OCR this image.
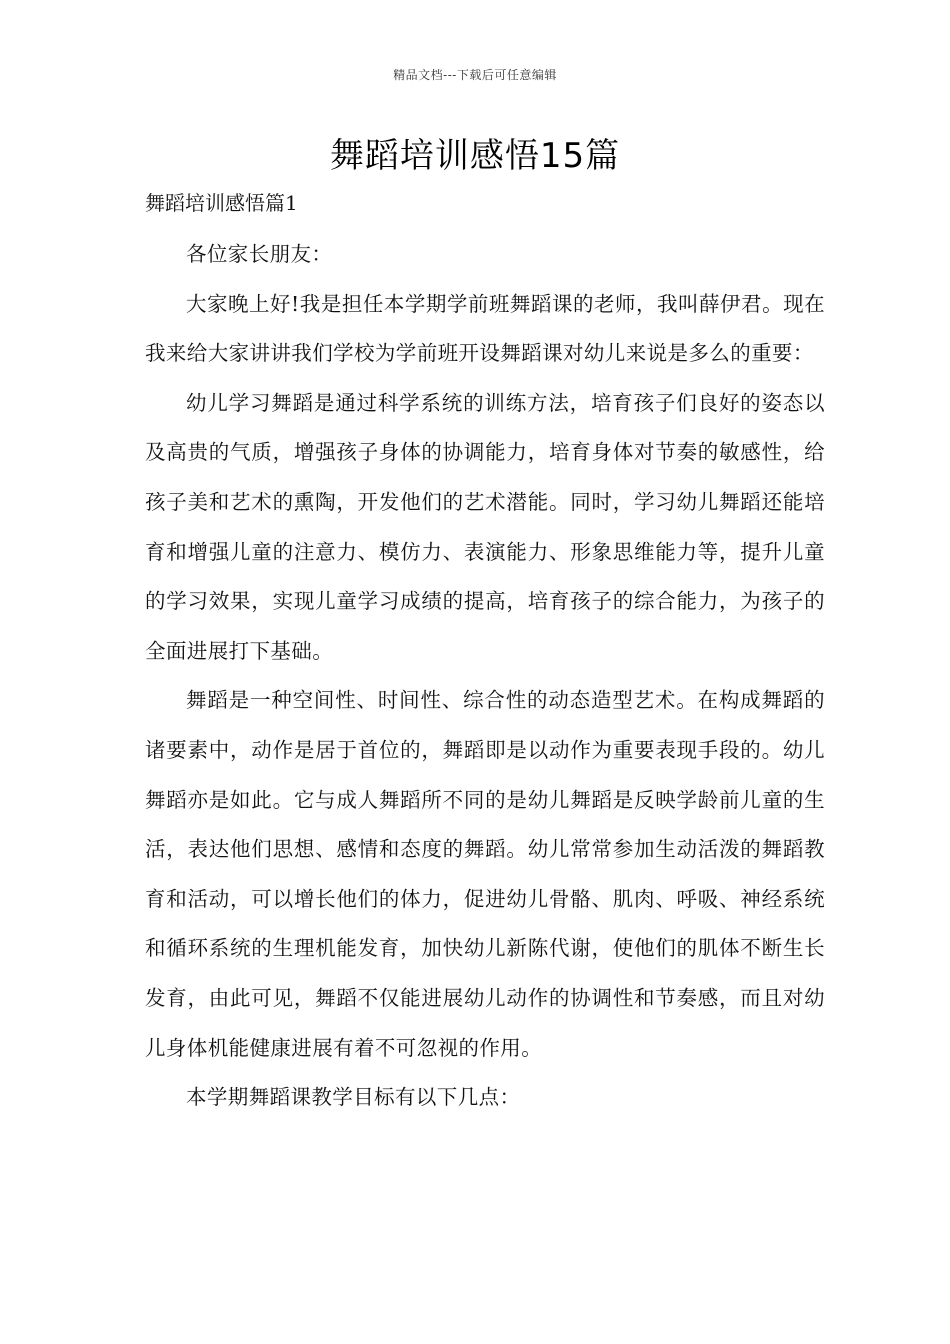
精品文档---下载后可任意编辑
舞蹈培训感悟15篇
舞蹈培训感悟篇1

各位家长朋友：

大家晚上好!我是担任本学期学前班舞蹈课的老师，我叫薛伊君。现在我来给大家讲讲我们学校为学前班开设舞蹈课对幼儿来说是多么的重要：

幼儿学习舞蹈是通过科学系统的训练方法，培育孩子们良好的姿态以及高贵的气质，增强孩子身体的协调能力，培育身体对节奏的敏感性，给孩子美和艺术的熏陶，开发他们的艺术潜能。同时，学习幼儿舞蹈还能培育和增强儿童的注意力、模仿力、表演能力、形象思维能力等，提升儿童的学习效果，实现儿童学习成绩的提高，培育孩子的综合能力，为孩子的全面进展打下基础。

舞蹈是一种空间性、时间性、综合性的动态造型艺术。在构成舞蹈的诸要素中，动作是居于首位的，舞蹈即是以动作为重要表现手段的。幼儿舞蹈亦是如此。它与成人舞蹈所不同的是幼儿舞蹈是反映学龄前儿童的生活，表达他们思想、感情和态度的舞蹈。幼儿常常参加生动活泼的舞蹈教育和活动，可以增长他们的体力，促进幼儿骨骼、肌肉、呼吸、神经系统和循环系统的生理机能发育，加快幼儿新陈代谢，使他们的肌体不断生长发育，由此可见，舞蹈不仅能进展幼儿动作的协调性和节奏感，而且对幼儿身体机能健康进展有着不可忽视的作用。

本学期舞蹈课教学目标有以下几点：
